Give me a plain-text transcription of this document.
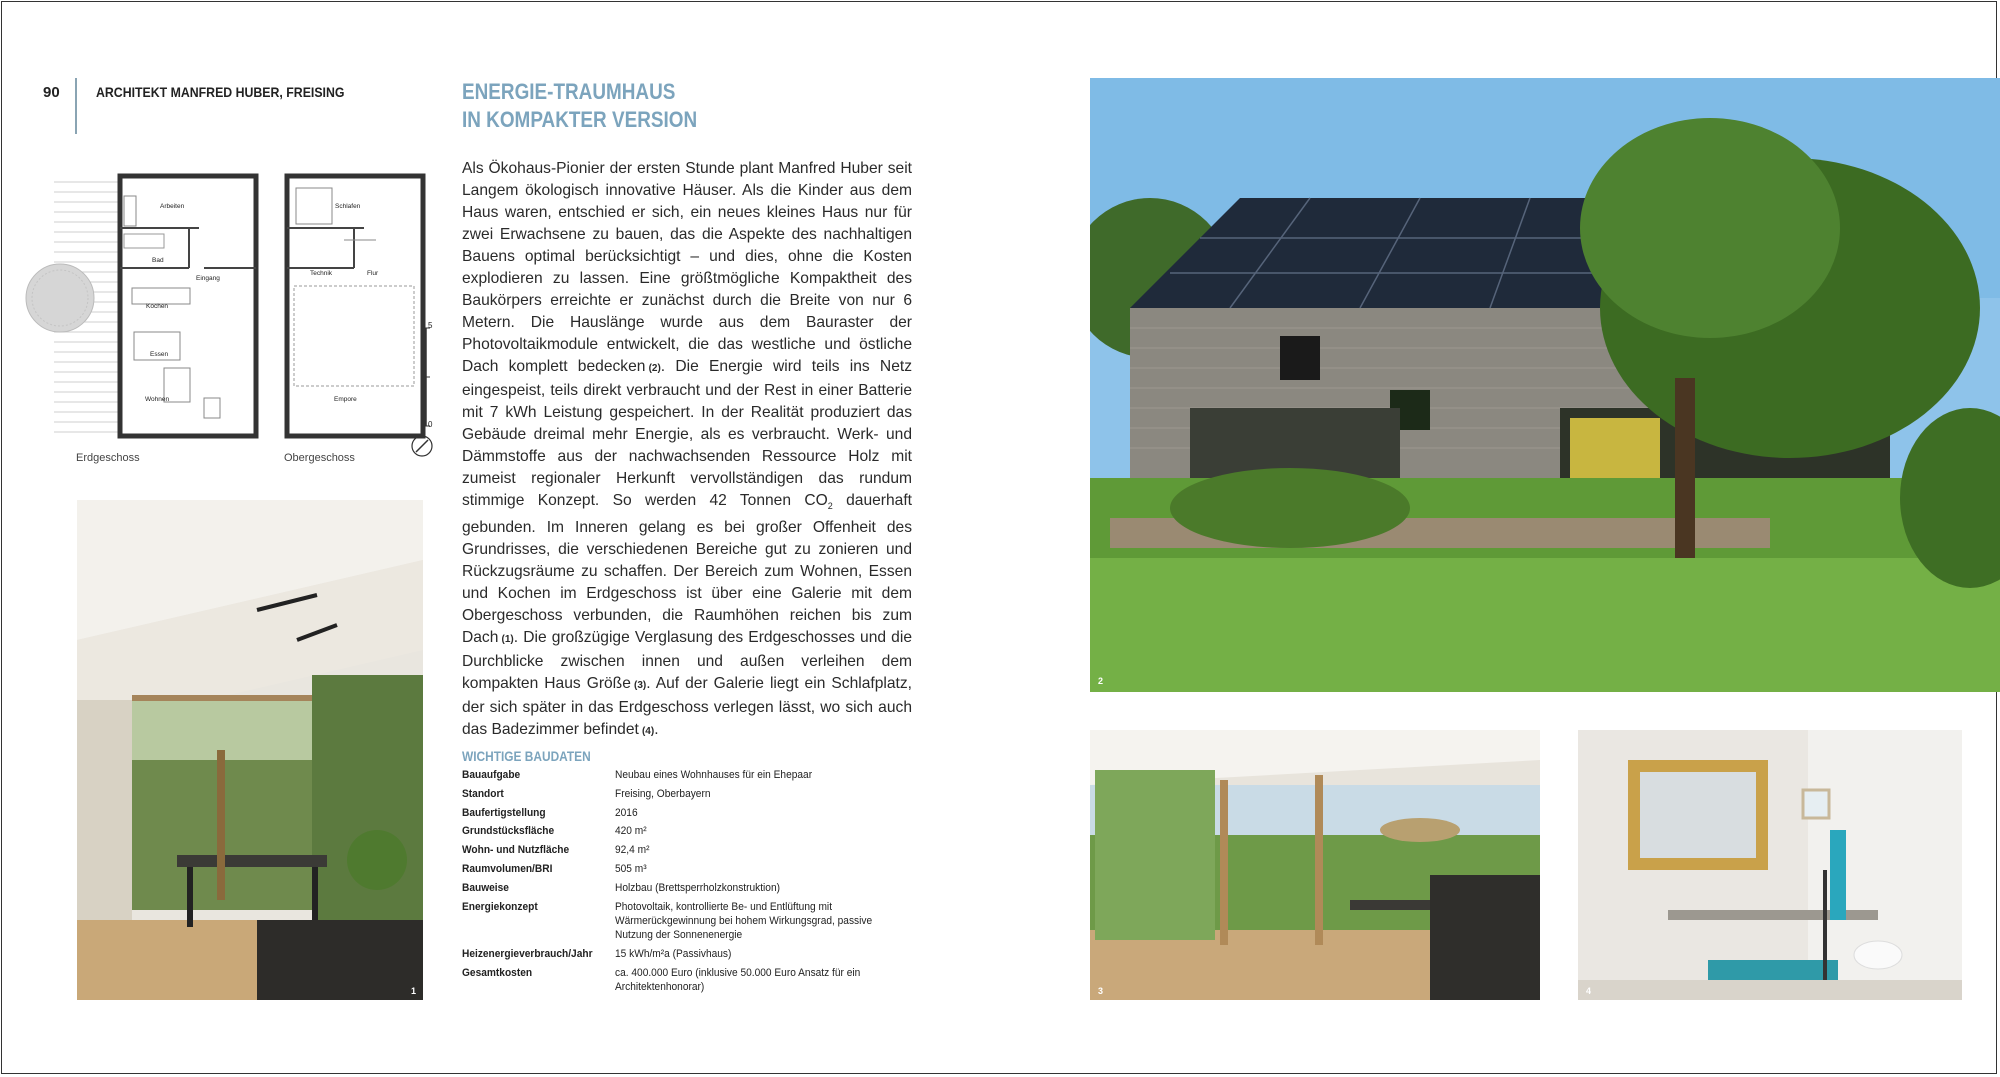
90	ARCHITEKT MANFRED HUBER, FREISING
Arbeiten
Bad
Eingang
Kochen
Essen
Wohnen
Schlafen
Technik	Flur
Empore
5
0
Erdgeschoss	Obergeschoss
1
ENERGIE-TRAUMHAUS
IN KOMPAKTER VERSION

Als Ökohaus-Pionier der ersten Stunde plant Manfred Huber seit Langem ökologisch innovative Häuser. Als die Kinder aus dem Haus waren, entschied er sich, ein neues kleines Haus nur für zwei Erwachsene zu bauen, das die Aspekte des nachhaltigen Bauens optimal berücksichtigt – und dies, ohne die Kosten explodieren zu lassen. Eine größtmögliche Kompaktheit des Baukörpers erreichte er zunächst durch die Breite von nur 6 Metern. Die Hauslänge wurde aus dem Bauraster der Photovoltaikmodule entwickelt, die das westliche und östliche Dach komplett bedecken  (2). Die Energie wird teils ins Netz eingespeist, teils direkt verbraucht und der Rest in einer Batterie mit 7 kWh Leistung gespeichert. In der Realität produziert das Gebäude dreimal mehr Energie, als es verbraucht. Werk- und Dämmstoffe aus der nachwachsenden Ressource Holz mit zumeist regionaler Herkunft vervollständigen das rundum stimmige Konzept. So werden 42 Tonnen $CO_2$ dauerhaft gebunden. Im Inneren gelang es bei großer Offenheit des Grundrisses, die verschiedenen Bereiche gut zu zonieren und Rückzugsräume zu schaffen. Der Bereich zum Wohnen, Essen und Kochen im Erdgeschoss ist über eine Galerie mit dem Obergeschoss verbunden, die Raumhöhen reichen bis zum Dach  (1). Die großzügige Verglasung des Erdgeschosses und die Durchblicke zwischen innen und außen verleihen dem kompakten Haus Größe  (3). Auf der Galerie liegt ein Schlafplatz, der sich später in das Erdgeschoss verlegen lässt, wo sich auch das Badezimmer befindet  (4).

WICHTIGE BAUDATEN
Bauaufgabe	Neubau eines Wohnhauses für ein Ehepaar
Standort	Freising, Oberbayern
Baufertigstellung	2016
Grundstücksfläche	420 m²
Wohn- und Nutzfläche	92,4 m²
Raumvolumen/BRI	505 m³
Bauweise	Holzbau (Brettsperrholzkonstruktion)
Energiekonzept	Photovoltaik, kontrollierte Be- und Entlüftung mit Wärmerückgewinnung bei hohem Wirkungsgrad, passive Nutzung der Sonnenenergie
Heizenergieverbrauch/Jahr	15 kWh/m²a (Passivhaus)
Gesamtkosten	ca. 400.000 Euro (inklusive 50.000 Euro Ansatz für ein Architektenhonorar)
2
3	4
